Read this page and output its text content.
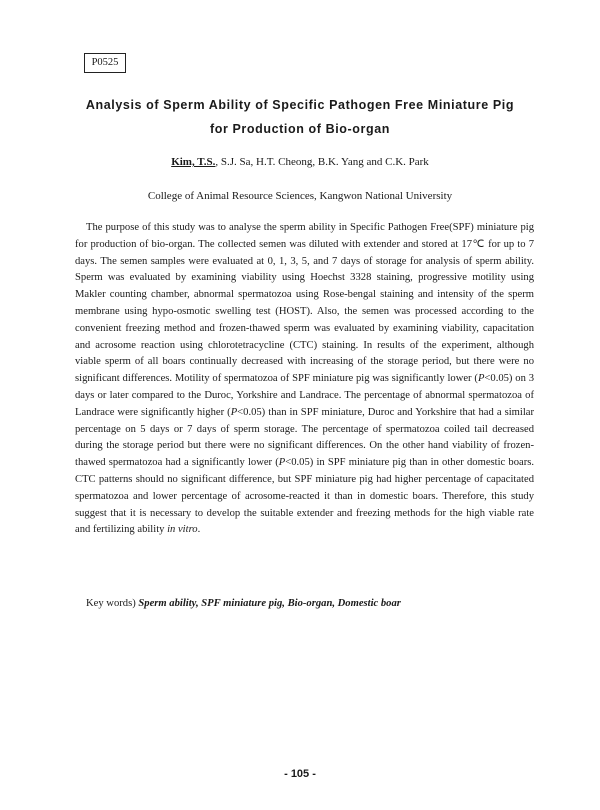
P0525
Analysis of Sperm Ability of Specific Pathogen Free Miniature Pig
for Production of Bio-organ
Kim, T.S., S.J. Sa, H.T. Cheong, B.K. Yang and C.K. Park
College of Animal Resource Sciences, Kangwon National University

The purpose of this study was to analyse the sperm ability in Specific Pathogen Free(SPF) miniature pig for production of bio-organ. The collected semen was diluted with extender and stored at 17℃ for up to 7 days. The semen samples were evaluated at 0, 1, 3, 5, and 7 days of storage for analysis of sperm ability. Sperm was evaluated by examining viability using Hoechst 3328 staining, progressive motility using Makler counting chamber, abnormal spermatozoa using Rose-bengal staining and intensity of the sperm membrane using hypo-osmotic swelling test (HOST). Also, the semen was processed according to the convenient freezing method and frozen-thawed sperm was evaluated by examining viability, capacitation and acrosome reaction using chlorotetracycline (CTC) staining. In results of the experiment, although viable sperm of all boars continually decreased with increasing of the storage period, but there were no significant differences. Motility of spermatozoa of SPF miniature pig was significantly lower (P<0.05) on 3 days or later compared to the Duroc, Yorkshire and Landrace. The percentage of abnormal spermatozoa of Landrace were significantly higher (P<0.05) than in SPF miniature, Duroc and Yorkshire that had a similar percentage on 5 days or 7 days of sperm storage. The percentage of spermatozoa coiled tail decreased during the storage period but there were no significant differences. On the other hand viability of frozen-thawed spermatozoa had a significantly lower (P<0.05) in SPF miniature pig than in other domestic boars. CTC patterns should no significant difference, but SPF miniature pig had higher percentage of capacitated spermatozoa and lower percentage of acrosome-reacted it than in domestic boars. Therefore, this study suggest that it is necessary to develop the suitable extender and freezing methods for the high viable rate and fertilizing ability in vitro.

Key words) Sperm ability, SPF miniature pig, Bio-organ, Domestic boar
- 105 -
